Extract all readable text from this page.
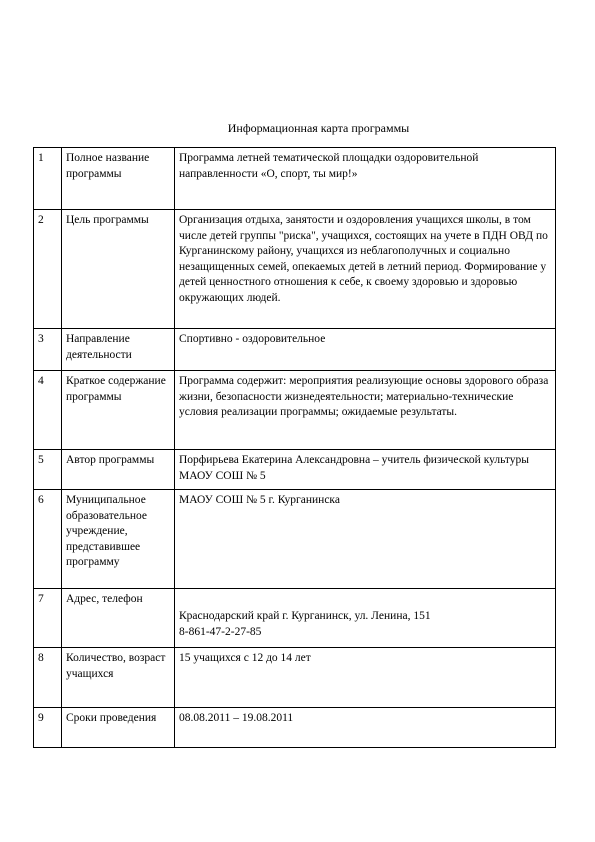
Информационная карта программы
1	Полное название программы	Программа летней тематической площадки оздоровительной направленности «О, спорт, ты мир!»
2	Цель программы	Организация отдыха, занятости и оздоровления учащихся школы, в том числе детей группы "риска", учащихся, состоящих на учете в ПДН ОВД по Курганинскому району, учащихся из неблагополучных и социально незащищенных семей, опекаемых детей в летний период. Формирование у детей ценностного отношения к себе, к своему здоровью и здоровью окружающих людей.
3	Направление деятельности	Спортивно - оздоровительное
4	Краткое содержание программы	Программа содержит: мероприятия реализующие основы здорового образа жизни, безопасности жизнедеятельности; материально-технические условия реализации программы; ожидаемые результаты.
5	Автор программы	Порфирьева Екатерина Александровна – учитель физической культуры МАОУ СОШ № 5
6	Муниципальное образовательное учреждение, представившее программу	МАОУ СОШ № 5 г. Курганинска
7	Адрес, телефон	Краснодарский край г. Курганинск, ул. Ленина, 151
8-861-47-2-27-85
8	Количество, возраст учащихся	15 учащихся с 12 до 14 лет
9	Сроки проведения	08.08.2011 – 19.08.2011
